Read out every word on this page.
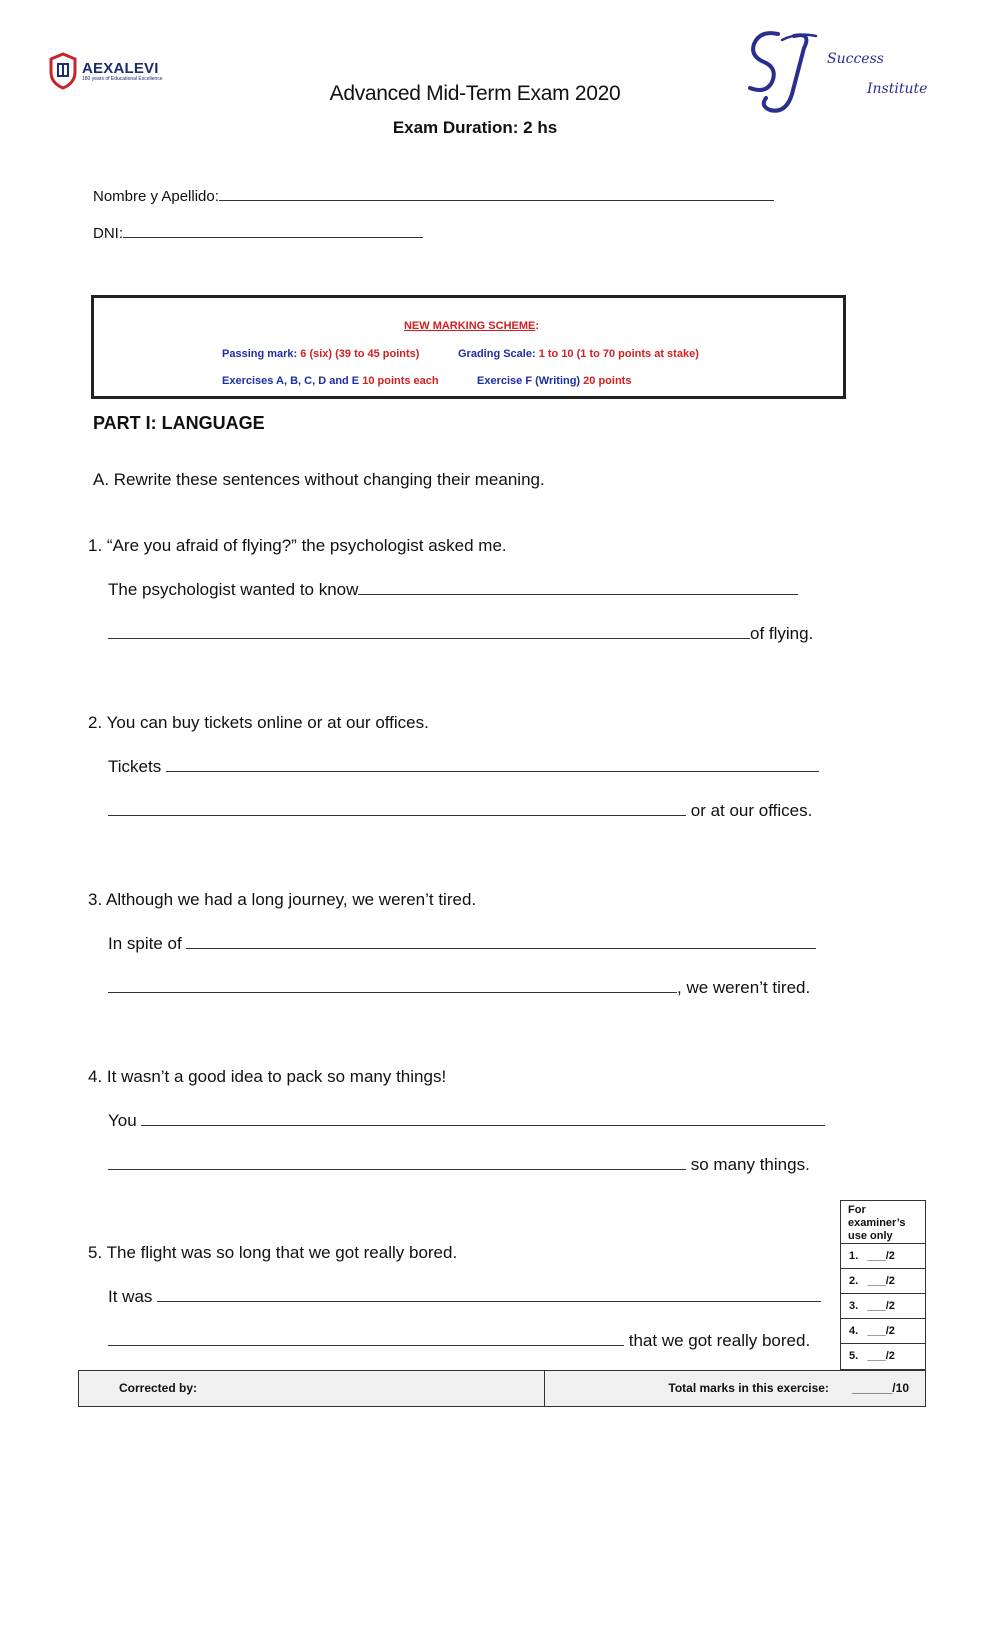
AEXALEVI
180 years of Educational Excellence
Advanced Mid-Term Exam 2020
Exam Duration: 2 hs
Success
Institute
Nombre y Apellido:
DNI:
NEW MARKING SCHEME:
Passing mark: 6 (six) (39 to 45 points)	Grading Scale: 1 to 10 (1 to 70 points at stake)
Exercises A, B, C, D and E 10 points each	Exercise F (Writing) 20 points
PART I: LANGUAGE
A. Rewrite these sentences without changing their meaning.
1. “Are you afraid of flying?” the psychologist asked me.
The psychologist wanted to know
of flying.
2. You can buy tickets online or at our offices.
Tickets
or at our offices.
3. Although we had a long journey, we weren’t tired.
In spite of
, we weren’t tired.
4. It wasn’t a good idea to pack so many things!
You
so many things.
5. The flight was so long that we got really bored.
It was
that we got really bored.
For examiner’s use only
1. ___/2
2. ___/2
3. ___/2
4. ___/2
5. ___/2
Corrected by:	Total marks in this exercise: ______/10
